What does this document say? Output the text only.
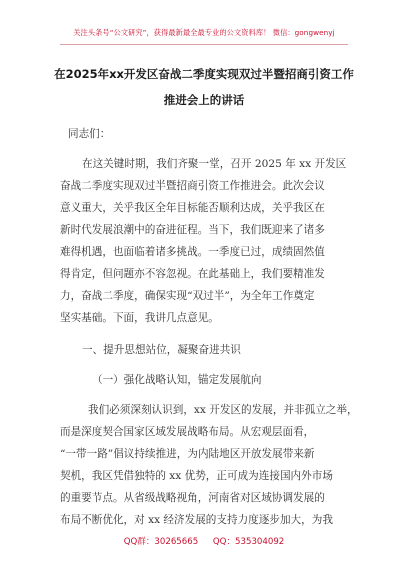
关注头条号“公文研究”，获得最新最全最专业的公文资料库！ 微信：gongwenyj
在2025年xx开发区奋战二季度实现双过半暨招商引资工作
推进会上的讲话
同志们：
在这关键时期，我们齐聚一堂，召开 2025 年 xx 开发区
奋战二季度实现双过半暨招商引资工作推进会。此次会议
意义重大，关乎我区全年目标能否顺利达成，关乎我区在
新时代发展浪潮中的奋进征程。当下，我们既迎来了诸多
难得机遇，也面临着诸多挑战。一季度已过，成绩固然值
得肯定，但问题亦不容忽视。在此基础上，我们要精准发
力，奋战二季度，确保实现“双过半”，为全年工作奠定
坚实基础。下面，我讲几点意见。
一、提升思想站位，凝聚奋进共识
（一）强化战略认知，锚定发展航向
我们必须深刻认识到，xx 开发区的发展，并非孤立之举，
而是深度契合国家区域发展战略布局。从宏观层面看，
“一带一路”倡议持续推进，为内陆地区开放发展带来新
契机，我区凭借独特的 xx 优势，正可成为连接国内外市场
的重要节点。从省级战略视角，河南省对区域协调发展的
布局不断优化，对 xx 经济发展的支持力度逐步加大，为我
QQ群：30265665 QQ：535304092
